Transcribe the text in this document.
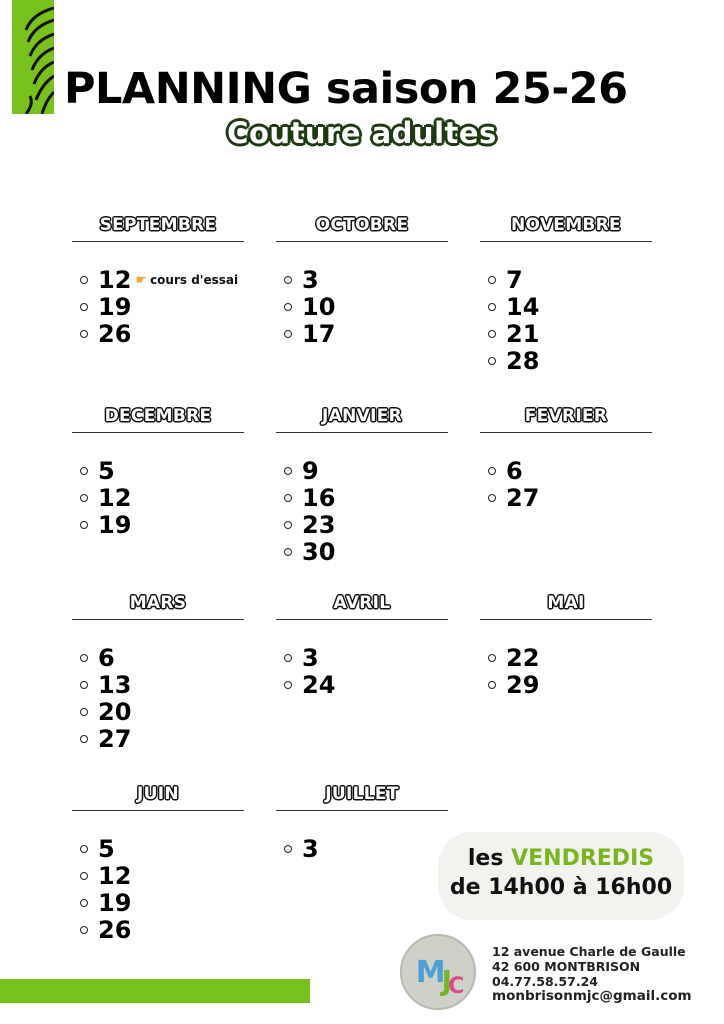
PLANNING saison 25-26
Couture adultes
SEPTEMBRE
12 ☛ cours d'essai
19
26
OCTOBRE
3
10
17
NOVEMBRE
7
14
21
28
DECEMBRE
5
12
19
JANVIER
9
16
23
30
FEVRIER
6
27
MARS
6
13
20
27
AVRIL
3
24
MAI
22
29
JUIN
5
12
19
26
JUILLET
3	les VENDREDIS
de 14h00 à 16h00
M J C
12 avenue Charle de Gaulle
42 600 MONTBRISON
04.77.58.57.24
monbrisonmjc@gmail.com
